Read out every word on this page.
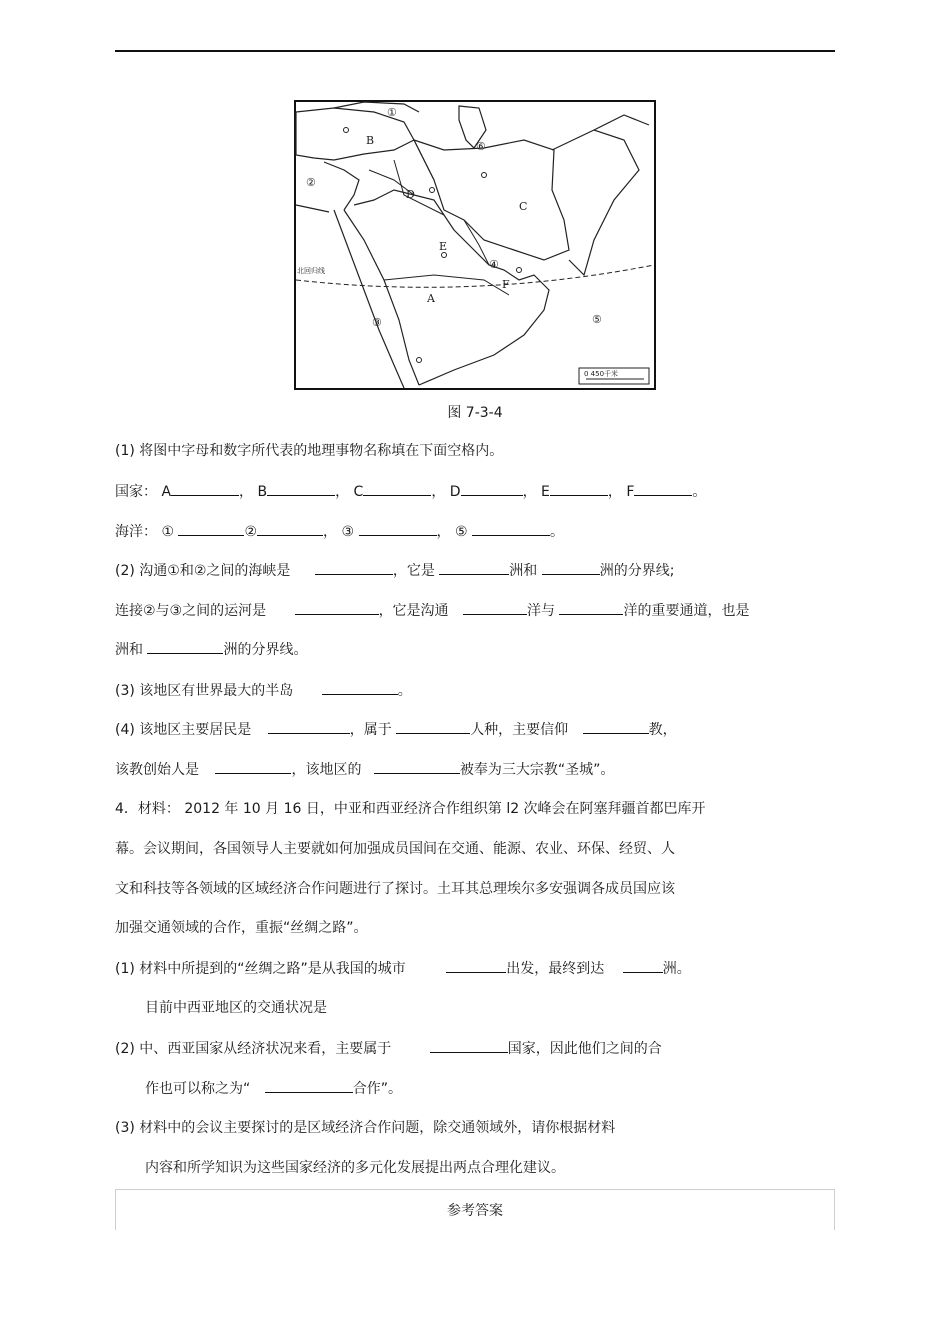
B
C
D
E
A
F
①
②
③
④
⑤
⑥
北回归线
0 450千米
图 7-3-4
(1) 将图中字母和数字所代表的地理事物名称填在下面空格内。
国家： A	， B	， C	， D	， E	， F	。
海洋： ①	②	， ③	， ⑤	。
(2) 沟通①和②之间的海峡是	，它是	洲和	洲的分界线;
连接②与③之间的运河是	，它是沟通	洋与	洋的重要通道，也是
洲和	洲的分界线。
(3) 该地区有世界最大的半岛	。
(4) 该地区主要居民是	，属于	人种，主要信仰	教，
该教创始人是	，该地区的	被奉为三大宗教“圣城”。
4．材料： 2012 年 10 月 16 日，中亚和西亚经济合作组织第 l2 次峰会在阿塞拜疆首都巴库开
幕。会议期间，各国领导人主要就如何加强成员国间在交通、能源、农业、环保、经贸、人
文和科技等各领域的区域经济合作问题进行了探讨。土耳其总理埃尔多安强调各成员国应该
加强交通领域的合作，重振“丝绸之路”。
(1) 材料中所提到的“丝绸之路”是从我国的城市	出发，最终到达	洲。
目前中西亚地区的交通状况是
(2) 中、西亚国家从经济状况来看，主要属于	国家，因此他们之间的合
作也可以称之为“	合作”。
(3) 材料中的会议主要探讨的是区域经济合作问题，除交通领域外，请你根据材料
内容和所学知识为这些国家经济的多元化发展提出两点合理化建议。
参考答案
